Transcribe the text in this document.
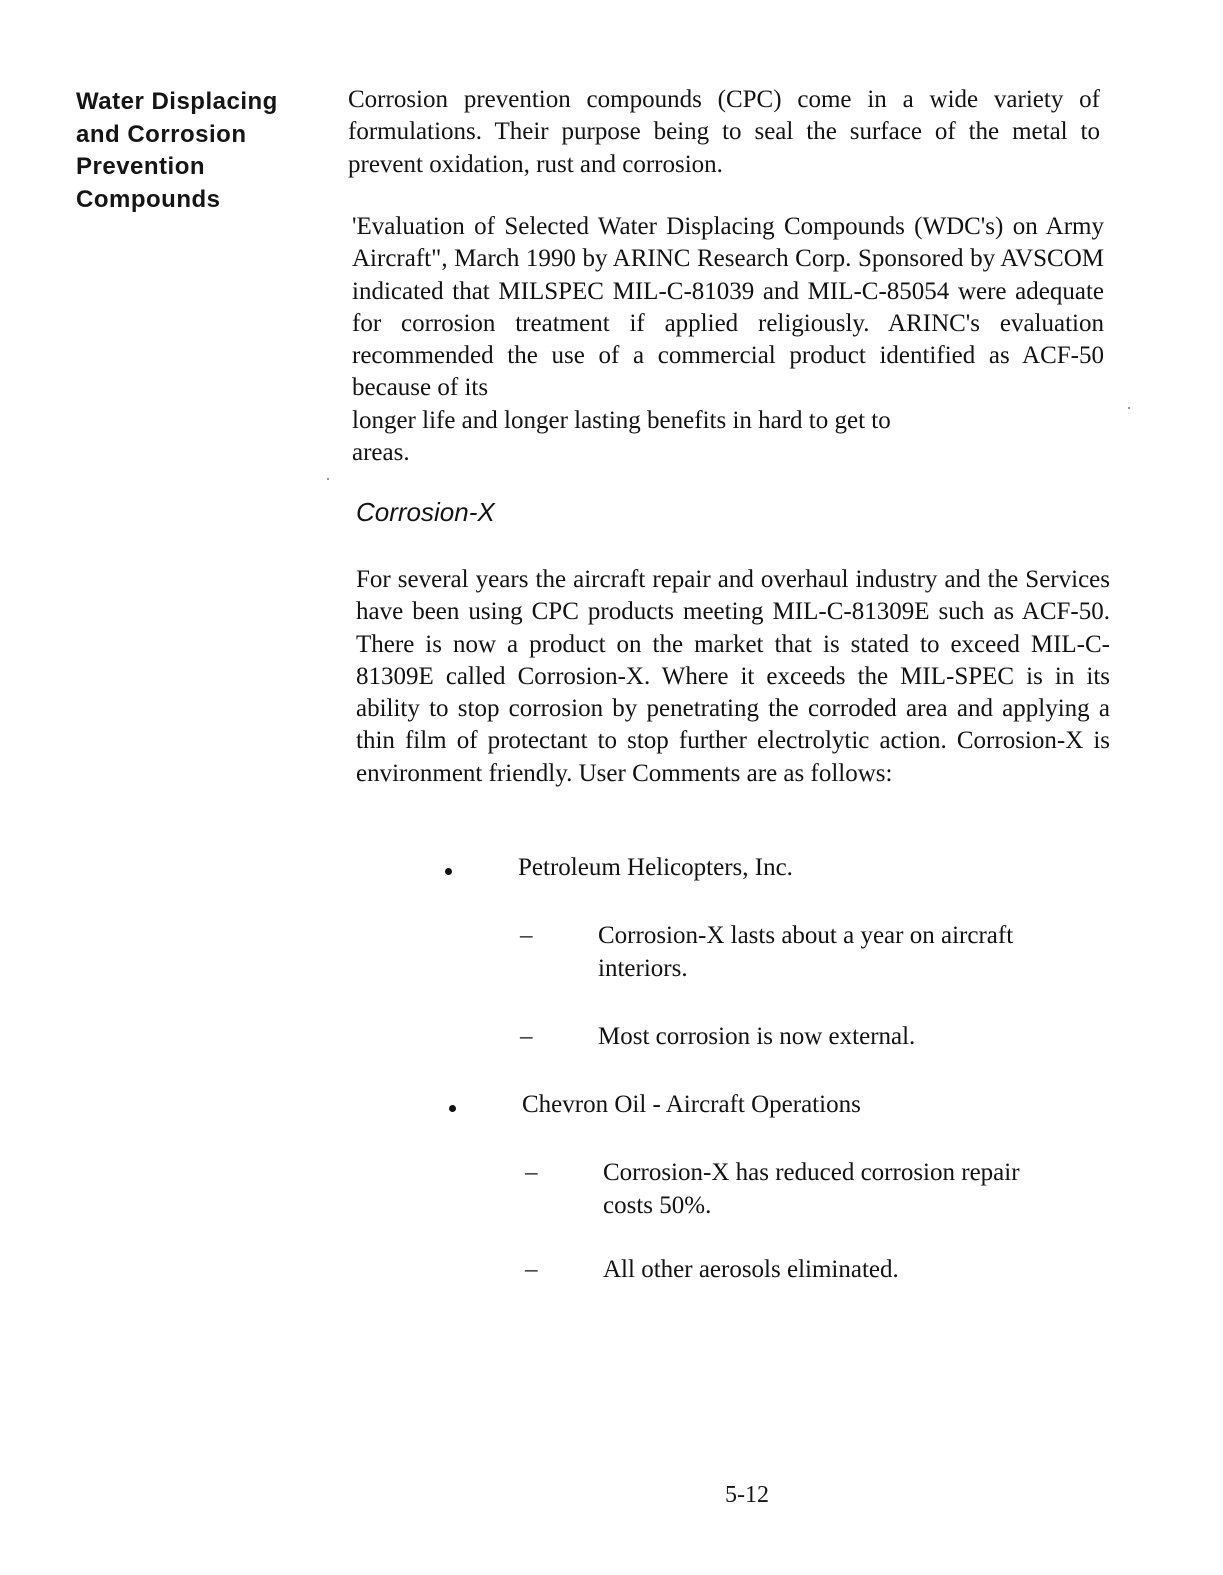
Water Displacing
and Corrosion
Prevention
Compounds
Corrosion prevention compounds (CPC) come in a wide variety of formulations. Their purpose being to seal the surface of the metal to prevent oxidation, rust and corrosion.
'Evaluation of Selected Water Displacing Compounds (WDC's) on Army Aircraft", March 1990 by ARINC Research Corp. Sponsored by AVSCOM indicated that MILSPEC MIL-C-81039 and MIL-C-85054 were adequate for corrosion treatment if applied religiously. ARINC's evaluation recommended the use of a commercial product identified as ACF-50 because of its
longer life and longer lasting benefits in hard to get to
areas.
Corrosion-X
For several years the aircraft repair and overhaul industry and the Services have been using CPC products meeting MIL-C-81309E such as ACF-50. There is now a product on the market that is stated to exceed MIL-C-81309E called Corrosion-X. Where it exceeds the MIL-SPEC is in its ability to stop corrosion by penetrating the corroded area and applying a thin film of protectant to stop further electrolytic action. Corrosion-X is environment friendly. User Comments are as follows:
Petroleum Helicopters, Inc.
–	Corrosion-X lasts about a year on aircraft interiors.
–	Most corrosion is now external.
Chevron Oil - Aircraft Operations
–	Corrosion-X has reduced corrosion repair costs 50%.
–	All other aerosols eliminated.
5-12
